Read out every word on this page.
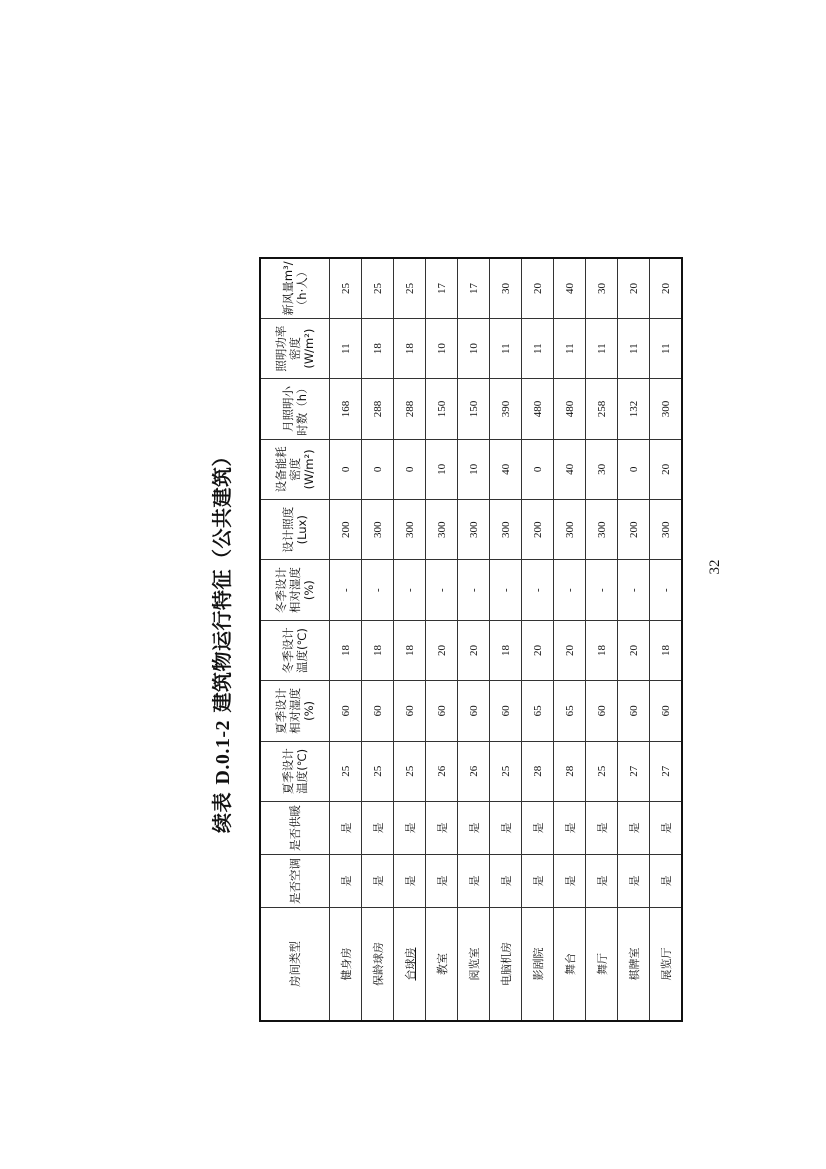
续表 D.0.1-2 建筑物运行特征（公共建筑）
房间类型	是否空调	是否供暖	夏季设计温度(℃)	夏季设计相对湿度(%)	冬季设计温度(℃)	冬季设计相对湿度(%)	设计照度(Lux)	设备能耗密度(W/m²)	月照明小时数（h）	照明功率密度(W/m²)	新风量m³/（h·人）
健身房	是	是	25	60	18	-	200	0	168	11	25
保龄球房	是	是	25	60	18	-	300	0	288	18	25
台球房	是	是	25	60	18	-	300	0	288	18	25
教室	是	是	26	60	20	-	300	10	150	10	17
阅览室	是	是	26	60	20	-	300	10	150	10	17
电脑机房	是	是	25	60	18	-	300	40	390	11	30
影剧院	是	是	28	65	20	-	200	0	480	11	20
舞台	是	是	28	65	20	-	300	40	480	11	40
舞厅	是	是	25	60	18	-	300	30	258	11	30
棋牌室	是	是	27	60	20	-	200	0	132	11	20
展览厅	是	是	27	60	18	-	300	20	300	11	20
32
